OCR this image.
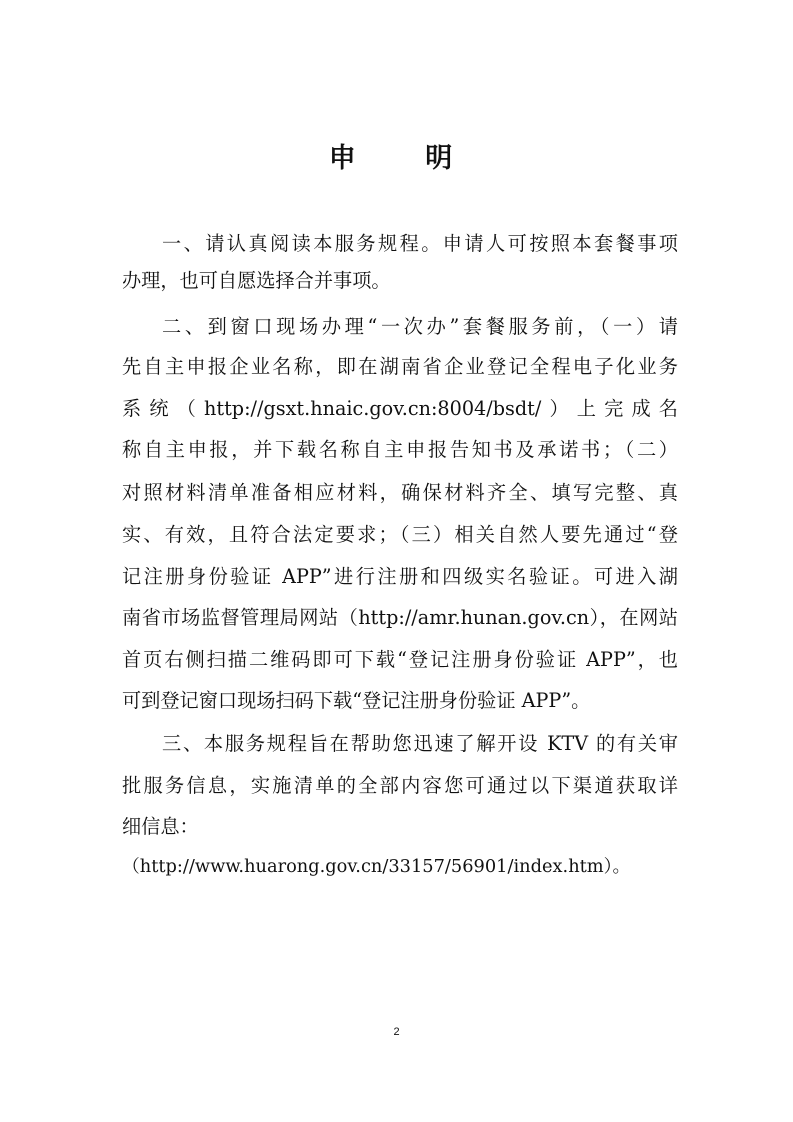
申 明
一、请认真阅读本服务规程。申请人可按照本套餐事项
办理，也可自愿选择合并事项。
二、到窗口现场办理“一次办”套餐服务前，（一）请
先自主申报企业名称，即在湖南省企业登记全程电子化业务
系统（http://gsxt.hnaic.gov.cn:8004/bsdt/）上完成名
称自主申报，并下载名称自主申报告知书及承诺书；（二）
对照材料清单准备相应材料，确保材料齐全、填写完整、真
实、有效，且符合法定要求；（三）相关自然人要先通过“登
记注册身份验证 APP”进行注册和四级实名验证。可进入湖
南省市场监督管理局网站（http://amr.hunan.gov.cn），在网站
首页右侧扫描二维码即可下载“登记注册身份验证 APP”，也
可到登记窗口现场扫码下载“登记注册身份验证 APP”。
三、本服务规程旨在帮助您迅速了解开设 KTV 的有关审
批服务信息，实施清单的全部内容您可通过以下渠道获取详
细信息：
（http://www.huarong.gov.cn/33157/56901/index.htm）。
2
